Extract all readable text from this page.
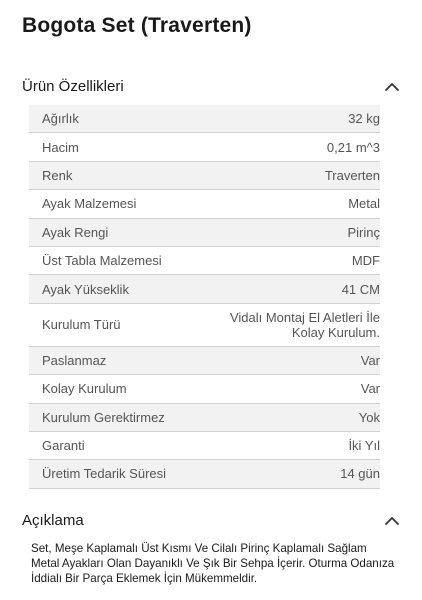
Bogota Set (Traverten)
Ürün Özellikleri
Ağırlık	32 kg
Hacim	0,21 m^3
Renk	Traverten
Ayak Malzemesi	Metal
Ayak Rengi	Pirinç
Üst Tabla Malzemesi	MDF
Ayak Yükseklik	41 CM
Kurulum Türü	Vidalı Montaj El Aletleri İle Kolay Kurulum.
Paslanmaz	Var
Kolay Kurulum	Var
Kurulum Gerektirmez	Yok
Garanti	İki Yıl
Üretim Tedarik Süresi	14 gün
Açıklama
Set, Meşe Kaplamalı Üst Kısmı Ve Cilalı Pirinç Kaplamalı Sağlam Metal Ayakları Olan Dayanıklı Ve Şık Bir Sehpa İçerir. Oturma Odanıza İddialı Bir Parça Eklemek İçin Mükemmeldir.
